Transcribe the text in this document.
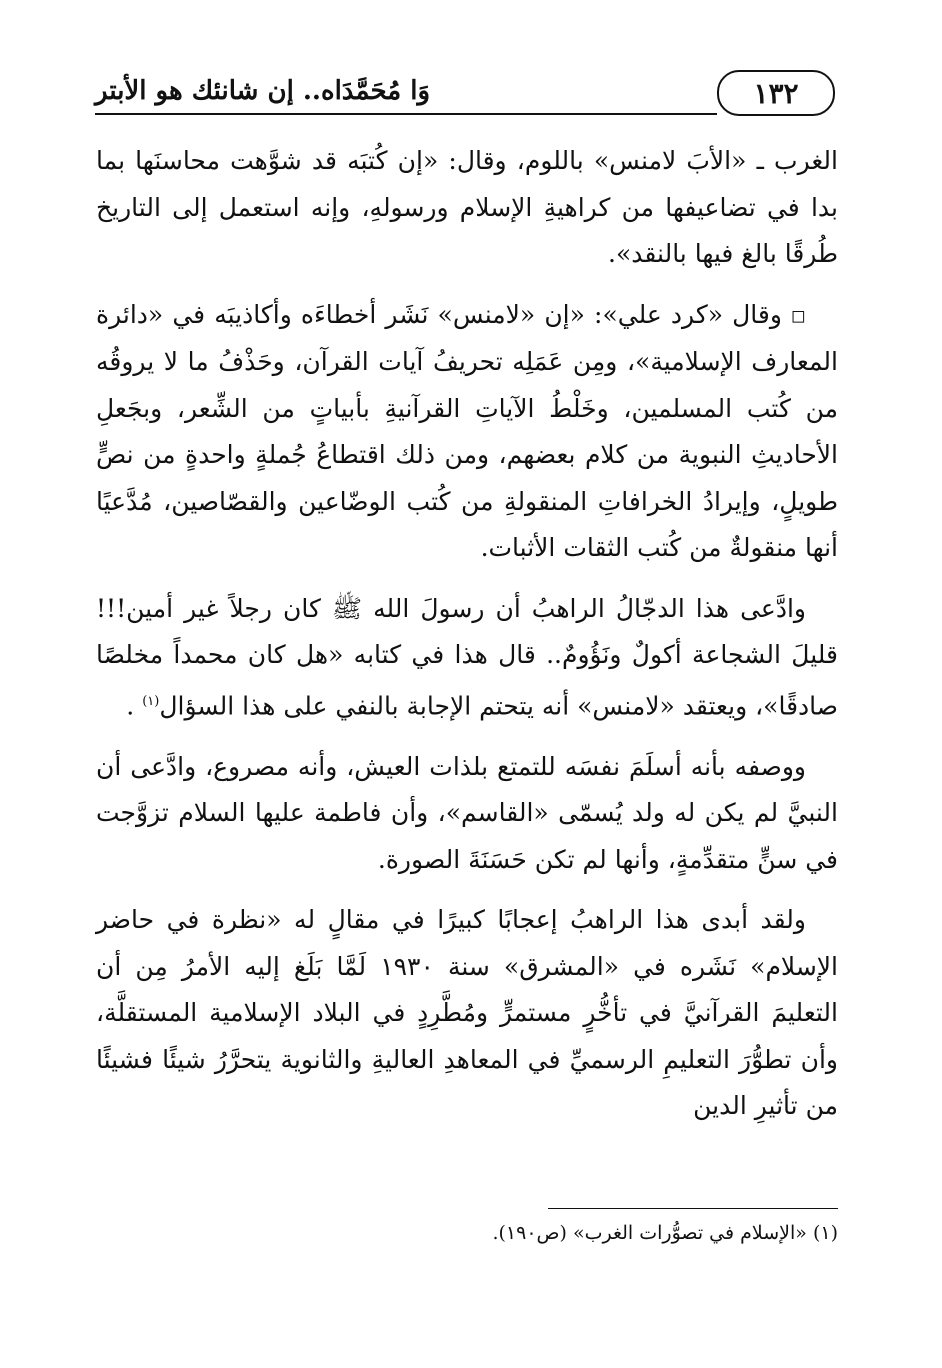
١٣٢
وَا مُحَمَّدَاه.. إن شانئك هو الأبتر

الغرب ـ «الأبَ لامنس» باللوم، وقال: «إن كُتبَه قد شوَّهت محاسنَها بما بدا في تضاعيفها من كراهيةِ الإسلام ورسولهِ، وإنه استعمل إلى التاريخ طُرقًا بالغ فيها بالنقد».

◻ وقال «كرد علي»: «إن «لامنس» نَشَر أخطاءَه وأكاذيبَه في «دائرة المعارف الإسلامية»، ومِن عَمَلِه تحريفُ آيات القرآن، وحَذْفُ ما لا يروقُه من كُتب المسلمين، وخَلْطُ الآياتِ القرآنيةِ بأبياتٍ من الشِّعر، وبجَعلِ الأحاديثِ النبوية من كلام بعضهم، ومن ذلك اقتطاعُ جُملةٍ واحدةٍ من نصٍّ طويلٍ، وإيرادُ الخرافاتِ المنقولةِ من كُتب الوضّاعين والقصّاصين، مُدَّعيًا أنها منقولةٌ من كُتب الثقات الأثبات.

وادَّعى هذا الدجّالُ الراهبُ أن رسولَ الله ﷺ كان رجلاً غير أمين!!! قليلَ الشجاعة أكولٌ ونَؤُومٌ.. قال هذا في كتابه «هل كان محمداً مخلصًا صادقًا»، ويعتقد «لامنس» أنه يتحتم الإجابة بالنفي على هذا السؤال$^{(١)}$ .

ووصفه بأنه أسلَمَ نفسَه للتمتع بلذات العيش، وأنه مصروع، وادَّعى أن النبيَّ لم يكن له ولد يُسمّى «القاسم»، وأن فاطمة عليها السلام تزوَّجت في سنٍّ متقدِّمةٍ، وأنها لم تكن حَسَنَةَ الصورة.

ولقد أبدى هذا الراهبُ إعجابًا كبيرًا في مقالٍ له «نظرة في حاضر الإسلام» نَشَره في «المشرق» سنة ١٩٣٠ لَمَّا بَلَغ إليه الأمرُ مِن أن التعليمَ القرآنيَّ في تأخُّرٍ مستمرٍّ ومُطَّرِدٍ في البلاد الإسلامية المستقلَّة، وأن تطوُّرَ التعليمِ الرسميِّ في المعاهدِ العاليةِ والثانوية يتحرَّرُ شيئًا فشيئًا من تأثيرِ الدين

(١) «الإسلام في تصوُّرات الغرب» (ص١٩٠).
